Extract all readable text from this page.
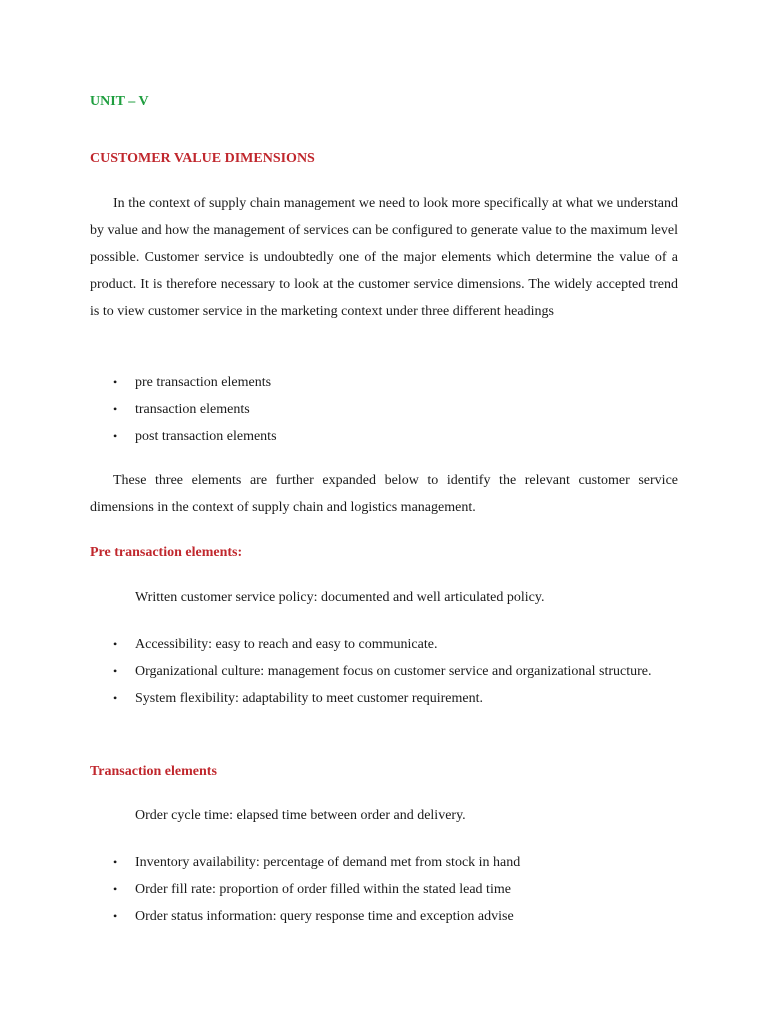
UNIT – V
CUSTOMER VALUE DIMENSIONS
In the context of supply chain management we need to look more specifically at what we understand by value and how the management of services can be configured to generate value to the maximum level possible. Customer service is undoubtedly one of the major elements which determine the value of a product. It is therefore necessary to look at the customer service dimensions. The widely accepted trend is to view customer service in the marketing context under three different headings
• pre transaction elements
• transaction elements
• post transaction elements
These three elements are further expanded below to identify the relevant customer service dimensions in the context of supply chain and logistics management.
Pre transaction elements:
Written customer service policy: documented and well articulated policy.
• Accessibility: easy to reach and easy to communicate.
• Organizational culture: management focus on customer service and organizational structure.
• System flexibility: adaptability to meet customer requirement.
Transaction elements
Order cycle time: elapsed time between order and delivery.
• Inventory availability: percentage of demand met from stock in hand
• Order fill rate: proportion of order filled within the stated lead time
• Order status information: query response time and exception advise
